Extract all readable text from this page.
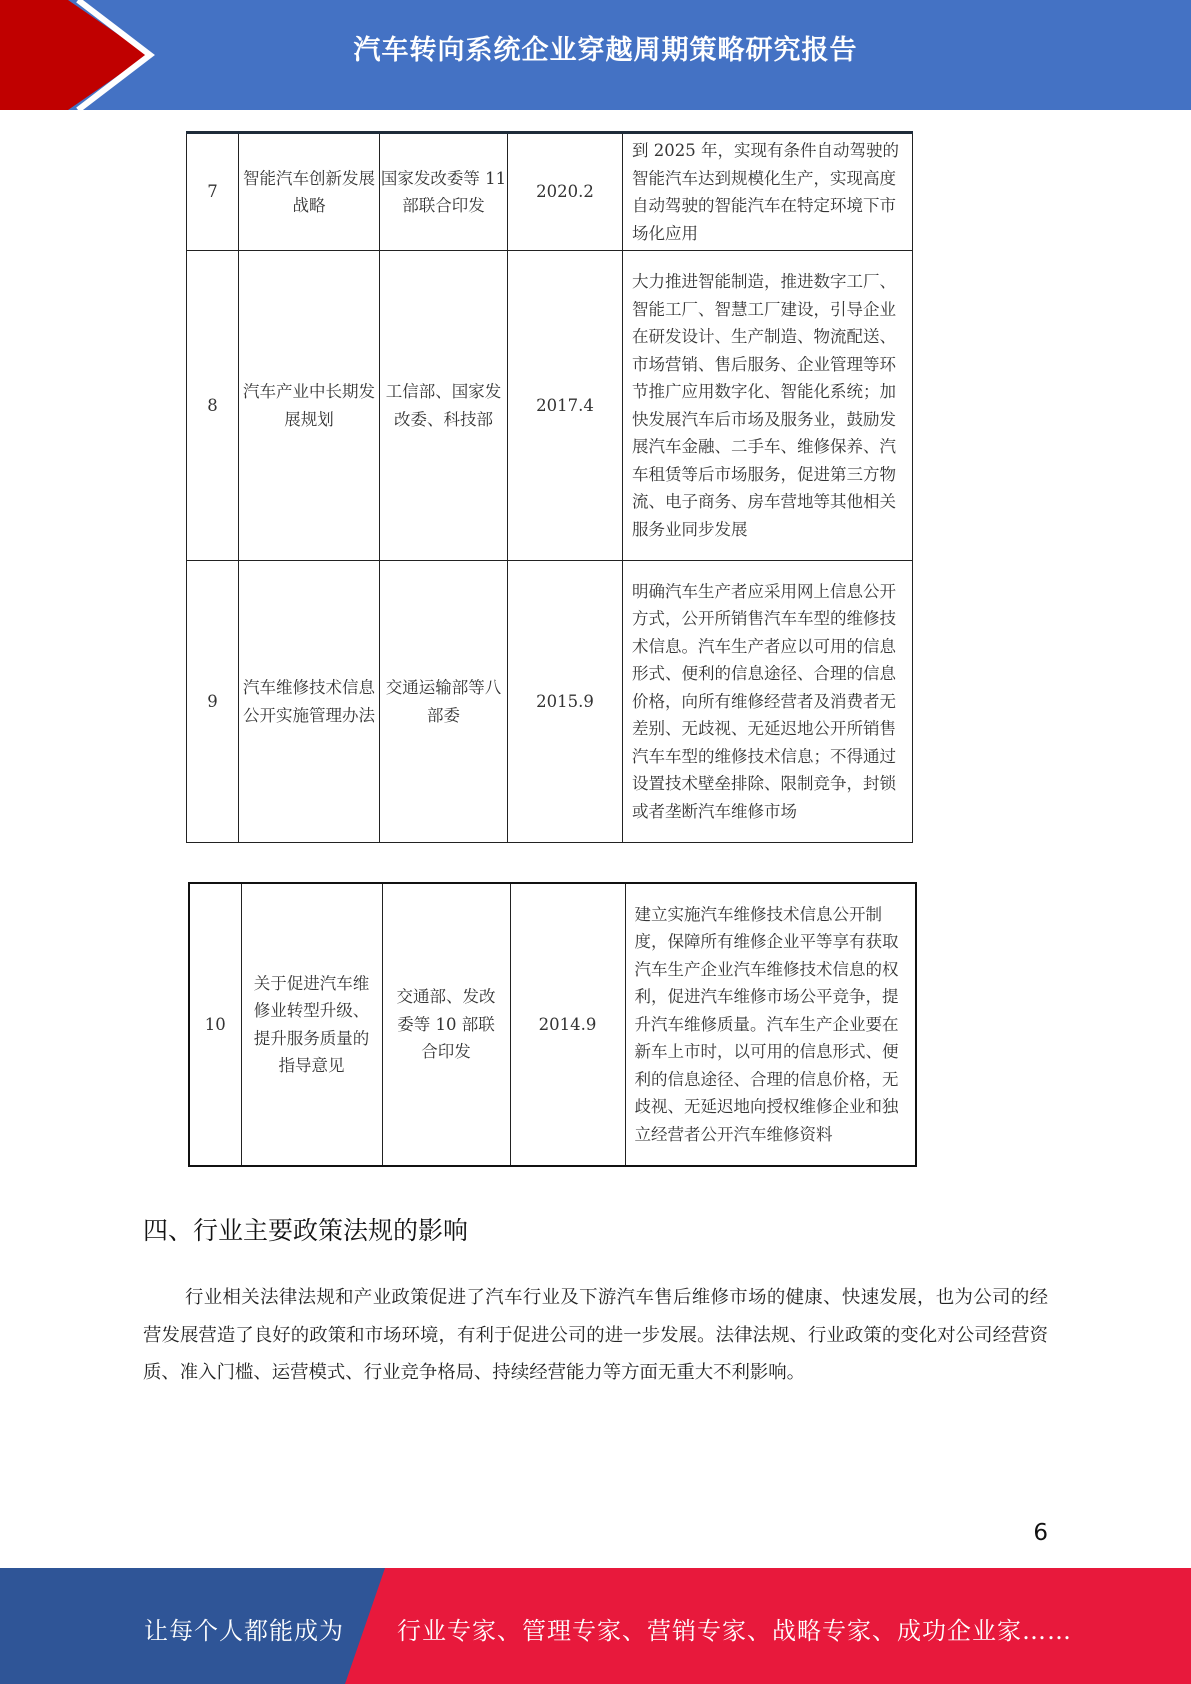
汽车转向系统企业穿越周期策略研究报告
7	智能汽车创新发展战略	国家发改委等 11 部联合印发	2020.2	到 2025 年，实现有条件自动驾驶的智能汽车达到规模化生产，实现高度自动驾驶的智能汽车在特定环境下市场化应用
8	汽车产业中长期发展规划	工信部、国家发改委、科技部	2017.4	大力推进智能制造，推进数字工厂、智能工厂、智慧工厂建设，引导企业在研发设计、生产制造、物流配送、市场营销、售后服务、企业管理等环节推广应用数字化、智能化系统；加快发展汽车后市场及服务业，鼓励发展汽车金融、二手车、维修保养、汽车租赁等后市场服务，促进第三方物流、电子商务、房车营地等其他相关服务业同步发展
9	汽车维修技术信息公开实施管理办法	交通运输部等八部委	2015.9	明确汽车生产者应采用网上信息公开方式，公开所销售汽车车型的维修技术信息。汽车生产者应以可用的信息形式、便利的信息途径、合理的信息价格，向所有维修经营者及消费者无差别、无歧视、无延迟地公开所销售汽车车型的维修技术信息；不得通过设置技术壁垒排除、限制竞争，封锁或者垄断汽车维修市场
10	关于促进汽车维修业转型升级、提升服务质量的指导意见	交通部、发改委等 10 部联合印发	2014.9	建立实施汽车维修技术信息公开制度，保障所有维修企业平等享有获取汽车生产企业汽车维修技术信息的权利，促进汽车维修市场公平竞争，提升汽车维修质量。汽车生产企业要在新车上市时，以可用的信息形式、便利的信息途径、合理的信息价格，无歧视、无延迟地向授权维修企业和独立经营者公开汽车维修资料
四、行业主要政策法规的影响
行业相关法律法规和产业政策促进了汽车行业及下游汽车售后维修市场的健康、快速发展，也为公司的经营发展营造了良好的政策和市场环境，有利于促进公司的进一步发展。法律法规、行业政策的变化对公司经营资质、准入门槛、运营模式、行业竞争格局、持续经营能力等方面无重大不利影响。
6
让每个人都能成为 行业专家、管理专家、营销专家、战略专家、成功企业家……
